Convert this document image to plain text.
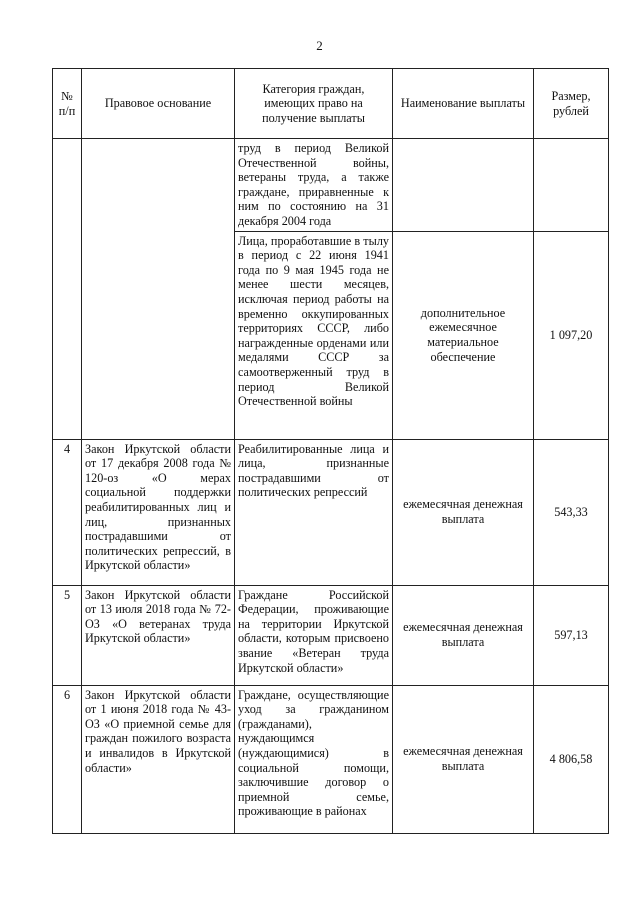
2
№
п/п	Правовое основание	Категория граждан, имеющих право на получение выплаты	Наименование выплаты	Размер, рублей
		труд в период Великой Отечественной войны, ветераны труда, а также граждане, приравненные к ним по состоянию на 31 декабря 2004 года		
		Лица, проработавшие в тылу в период с 22 июня 1941 года по 9 мая 1945 года не менее шести месяцев, исключая период работы на временно оккупированных территориях СССР, либо награжденные орденами или медалями СССР за самоотверженный труд в период Великой Отечественной войны	дополнительное ежемесячное материальное обеспечение	1 097,20
4	Закон Иркутской области от 17 декабря 2008 года № 120-оз «О мерах социальной поддержки реабилитированных лиц и лиц, признанных пострадавшими от политических репрессий, в Иркутской области»	Реабилитированные лица и лица, признанные пострадавшими от политических репрессий	ежемесячная денежная выплата	543,33
5	Закон Иркутской области от 13 июля 2018 года № 72-ОЗ «О ветеранах труда Иркутской области»	Граждане Российской Федерации, проживающие на территории Иркутской области, которым присвоено звание «Ветеран труда Иркутской области»	ежемесячная денежная выплата	597,13
6	Закон Иркутской области от 1 июня 2018 года № 43-ОЗ «О приемной семье для граждан пожилого возраста и инвалидов в Иркутской области»	Граждане, осуществляющие уход за гражданином (гражданами), нуждающимся (нуждающимися) в социальной помощи, заключившие договор о приемной семье, проживающие в районах	ежемесячная денежная выплата	4 806,58
